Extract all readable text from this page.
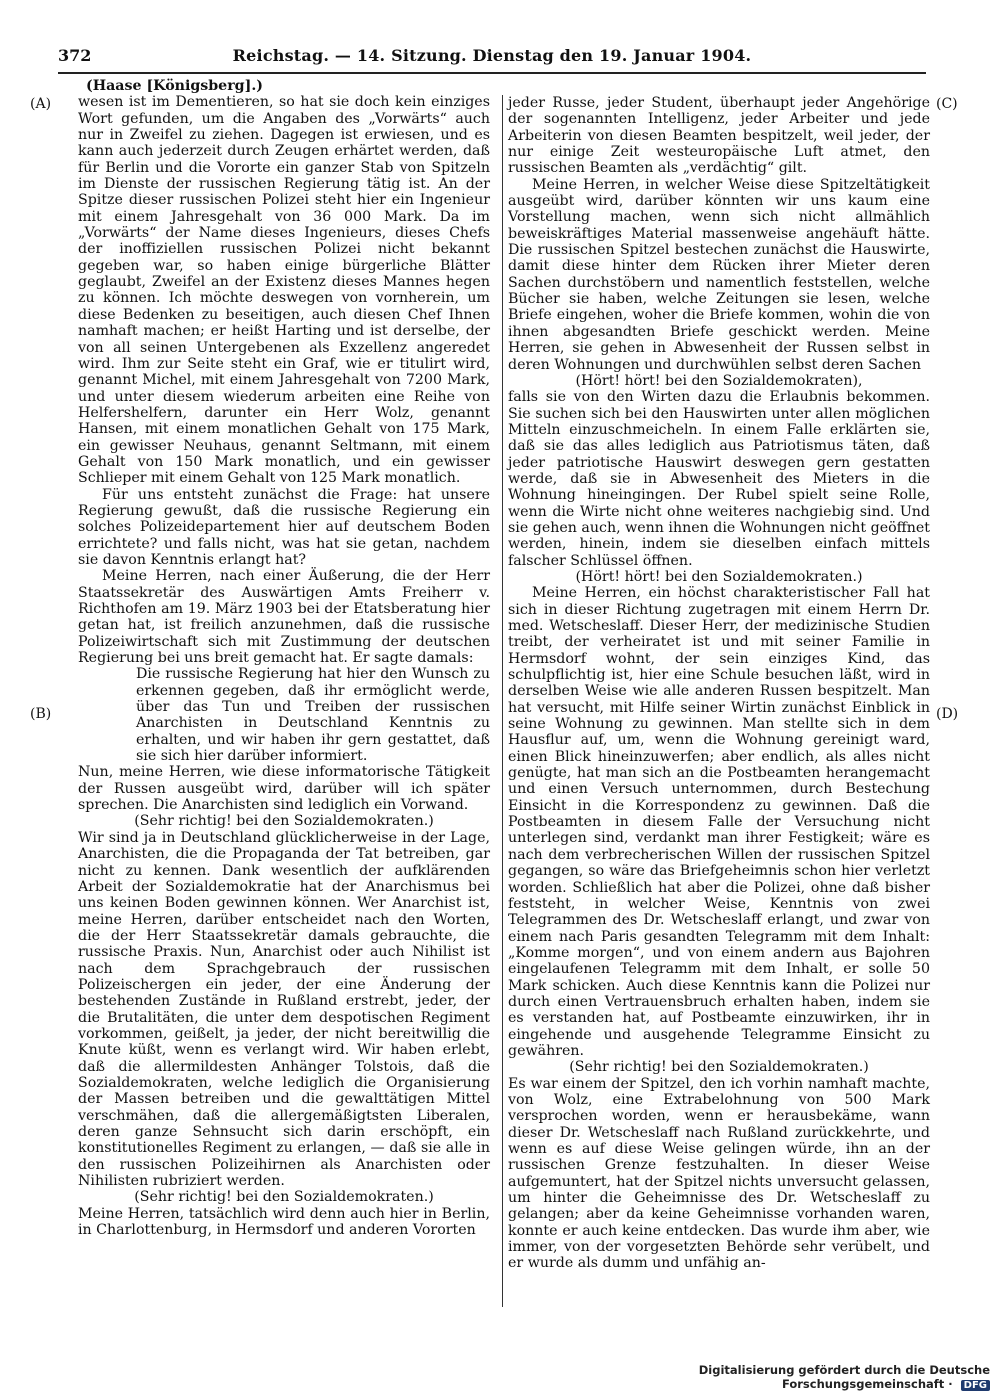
372	Reichstag. — 14. Sitzung. Dienstag den 19. Januar 1904.
(A)
(B)
(C)
(D)
(Haase [Königsberg].)

wesen ist im Dementieren, so hat sie doch kein einziges Wort gefunden, um die Angaben des „Vorwärts“ auch nur in Zweifel zu ziehen. Dagegen ist erwiesen, und es kann auch jederzeit durch Zeugen erhärtet werden, daß für Berlin und die Vororte ein ganzer Stab von Spitzeln im Dienste der russischen Regierung tätig ist. An der Spitze dieser russischen Polizei steht hier ein Ingenieur mit einem Jahresgehalt von 36 000 Mark. Da im „Vorwärts“ der Name dieses Ingenieurs, dieses Chefs der inoffiziellen russischen Polizei nicht bekannt gegeben war, so haben einige bürgerliche Blätter geglaubt, Zweifel an der Existenz dieses Mannes hegen zu können. Ich möchte deswegen von vornherein, um diese Bedenken zu beseitigen, auch diesen Chef Ihnen namhaft machen; er heißt Harting und ist derselbe, der von all seinen Untergebenen als Exzellenz angeredet wird. Ihm zur Seite steht ein Graf, wie er titulirt wird, genannt Michel, mit einem Jahresgehalt von 7200 Mark, und unter diesem wiederum arbeiten eine Reihe von Helfershelfern, darunter ein Herr Wolz, genannt Hansen, mit einem monatlichen Gehalt von 175 Mark, ein gewisser Neuhaus, genannt Seltmann, mit einem Gehalt von 150 Mark monatlich, und ein gewisser Schlieper mit einem Gehalt von 125 Mark monatlich.

Für uns entsteht zunächst die Frage: hat unsere Regierung gewußt, daß die russische Regierung ein solches Polizeidepartement hier auf deutschem Boden errichtete? und falls nicht, was hat sie getan, nachdem sie davon Kenntnis erlangt hat?

Meine Herren, nach einer Äußerung, die der Herr Staatssekretär des Auswärtigen Amts Freiherr v. Richthofen am 19. März 1903 bei der Etatsberatung hier getan hat, ist freilich anzunehmen, daß die russische Polizeiwirtschaft sich mit Zustimmung der deutschen Regierung bei uns breit gemacht hat. Er sagte damals:

Die russische Regierung hat hier den Wunsch zu erkennen gegeben, daß ihr ermöglicht werde, über das Tun und Treiben der russischen Anarchisten in Deutschland Kenntnis zu erhalten, und wir haben ihr gern gestattet, daß sie sich hier darüber informiert.

Nun, meine Herren, wie diese informatorische Tätigkeit der Russen ausgeübt wird, darüber will ich später sprechen. Die Anarchisten sind lediglich ein Vorwand.

(Sehr richtig! bei den Sozialdemokraten.)

Wir sind ja in Deutschland glücklicherweise in der Lage, Anarchisten, die die Propaganda der Tat betreiben, gar nicht zu kennen. Dank wesentlich der aufklärenden Arbeit der Sozialdemokratie hat der Anarchismus bei uns keinen Boden gewinnen können. Wer Anarchist ist, meine Herren, darüber entscheidet nach den Worten, die der Herr Staatssekretär damals gebrauchte, die russische Praxis. Nun, Anarchist oder auch Nihilist ist nach dem Sprachgebrauch der russischen Polizeischergen ein jeder, der eine Änderung der bestehenden Zustände in Rußland erstrebt, jeder, der die Brutalitäten, die unter dem despotischen Regiment vorkommen, geißelt, ja jeder, der nicht bereitwillig die Knute küßt, wenn es verlangt wird. Wir haben erlebt, daß die allermildesten Anhänger Tolstois, daß die Sozialdemokraten, welche lediglich die Organisierung der Massen betreiben und die gewalttätigen Mittel verschmähen, daß die allergemäßigtsten Liberalen, deren ganze Sehnsucht sich darin erschöpft, ein konstitutionelles Regiment zu erlangen, — daß sie alle in den russischen Polizeihirnen als Anarchisten oder Nihilisten rubriziert werden.

(Sehr richtig! bei den Sozialdemokraten.)

Meine Herren, tatsächlich wird denn auch hier in Berlin, in Charlottenburg, in Hermsdorf und anderen Vororten

jeder Russe, jeder Student, überhaupt jeder Angehörige der sogenannten Intelligenz, jeder Arbeiter und jede Arbeiterin von diesen Beamten bespitzelt, weil jeder, der nur einige Zeit westeuropäische Luft atmet, den russischen Beamten als „verdächtig“ gilt.

Meine Herren, in welcher Weise diese Spitzeltätigkeit ausgeübt wird, darüber könnten wir uns kaum eine Vorstellung machen, wenn sich nicht allmählich beweiskräftiges Material massenweise angehäuft hätte. Die russischen Spitzel bestechen zunächst die Hauswirte, damit diese hinter dem Rücken ihrer Mieter deren Sachen durchstöbern und namentlich feststellen, welche Bücher sie haben, welche Zeitungen sie lesen, welche Briefe eingehen, woher die Briefe kommen, wohin die von ihnen abgesandten Briefe geschickt werden. Meine Herren, sie gehen in Abwesenheit der Russen selbst in deren Wohnungen und durchwühlen selbst deren Sachen

(Hört! hört! bei den Sozialdemokraten),

falls sie von den Wirten dazu die Erlaubnis bekommen. Sie suchen sich bei den Hauswirten unter allen möglichen Mitteln einzuschmeicheln. In einem Falle erklärten sie, daß sie das alles lediglich aus Patriotismus täten, daß jeder patriotische Hauswirt deswegen gern gestatten werde, daß sie in Abwesenheit des Mieters in die Wohnung hineingingen. Der Rubel spielt seine Rolle, wenn die Wirte nicht ohne weiteres nachgiebig sind. Und sie gehen auch, wenn ihnen die Wohnungen nicht geöffnet werden, hinein, indem sie dieselben einfach mittels falscher Schlüssel öffnen.

(Hört! hört! bei den Sozialdemokraten.)

Meine Herren, ein höchst charakteristischer Fall hat sich in dieser Richtung zugetragen mit einem Herrn Dr. med. Wetscheslaff. Dieser Herr, der medizinische Studien treibt, der verheiratet ist und mit seiner Familie in Hermsdorf wohnt, der sein einziges Kind, das schulpflichtig ist, hier eine Schule besuchen läßt, wird in derselben Weise wie alle anderen Russen bespitzelt. Man hat versucht, mit Hilfe seiner Wirtin zunächst Einblick in seine Wohnung zu gewinnen. Man stellte sich in dem Hausflur auf, um, wenn die Wohnung gereinigt ward, einen Blick hineinzuwerfen; aber endlich, als alles nicht genügte, hat man sich an die Postbeamten herangemacht und einen Versuch unternommen, durch Bestechung Einsicht in die Korrespondenz zu gewinnen. Daß die Postbeamten in diesem Falle der Versuchung nicht unterlegen sind, verdankt man ihrer Festigkeit; wäre es nach dem verbrecherischen Willen der russischen Spitzel gegangen, so wäre das Briefgeheimnis schon hier verletzt worden. Schließlich hat aber die Polizei, ohne daß bisher feststeht, in welcher Weise, Kenntnis von zwei Telegrammen des Dr. Wetscheslaff erlangt, und zwar von einem nach Paris gesandten Telegramm mit dem Inhalt: „Komme morgen“, und von einem andern aus Bajohren eingelaufenen Telegramm mit dem Inhalt, er solle 50 Mark schicken. Auch diese Kenntnis kann die Polizei nur durch einen Vertrauensbruch erhalten haben, indem sie es verstanden hat, auf Postbeamte einzuwirken, ihr in eingehende und ausgehende Telegramme Einsicht zu gewähren.

(Sehr richtig! bei den Sozialdemokraten.)

Es war einem der Spitzel, den ich vorhin namhaft machte, von Wolz, eine Extrabelohnung von 500 Mark versprochen worden, wenn er herausbekäme, wann dieser Dr. Wetscheslaff nach Rußland zurückkehrte, und wenn es auf diese Weise gelingen würde, ihn an der russischen Grenze festzuhalten. In dieser Weise aufgemuntert, hat der Spitzel nichts unversucht gelassen, um hinter die Geheimnisse des Dr. Wetscheslaff zu gelangen; aber da keine Geheimnisse vorhanden waren, konnte er auch keine entdecken. Das wurde ihm aber, wie immer, von der vorgesetzten Behörde sehr verübelt, und er wurde als dumm und unfähig an-

Digitalisierung gefördert durch die Deutsche Forschungsgemeinschaft · DFG
